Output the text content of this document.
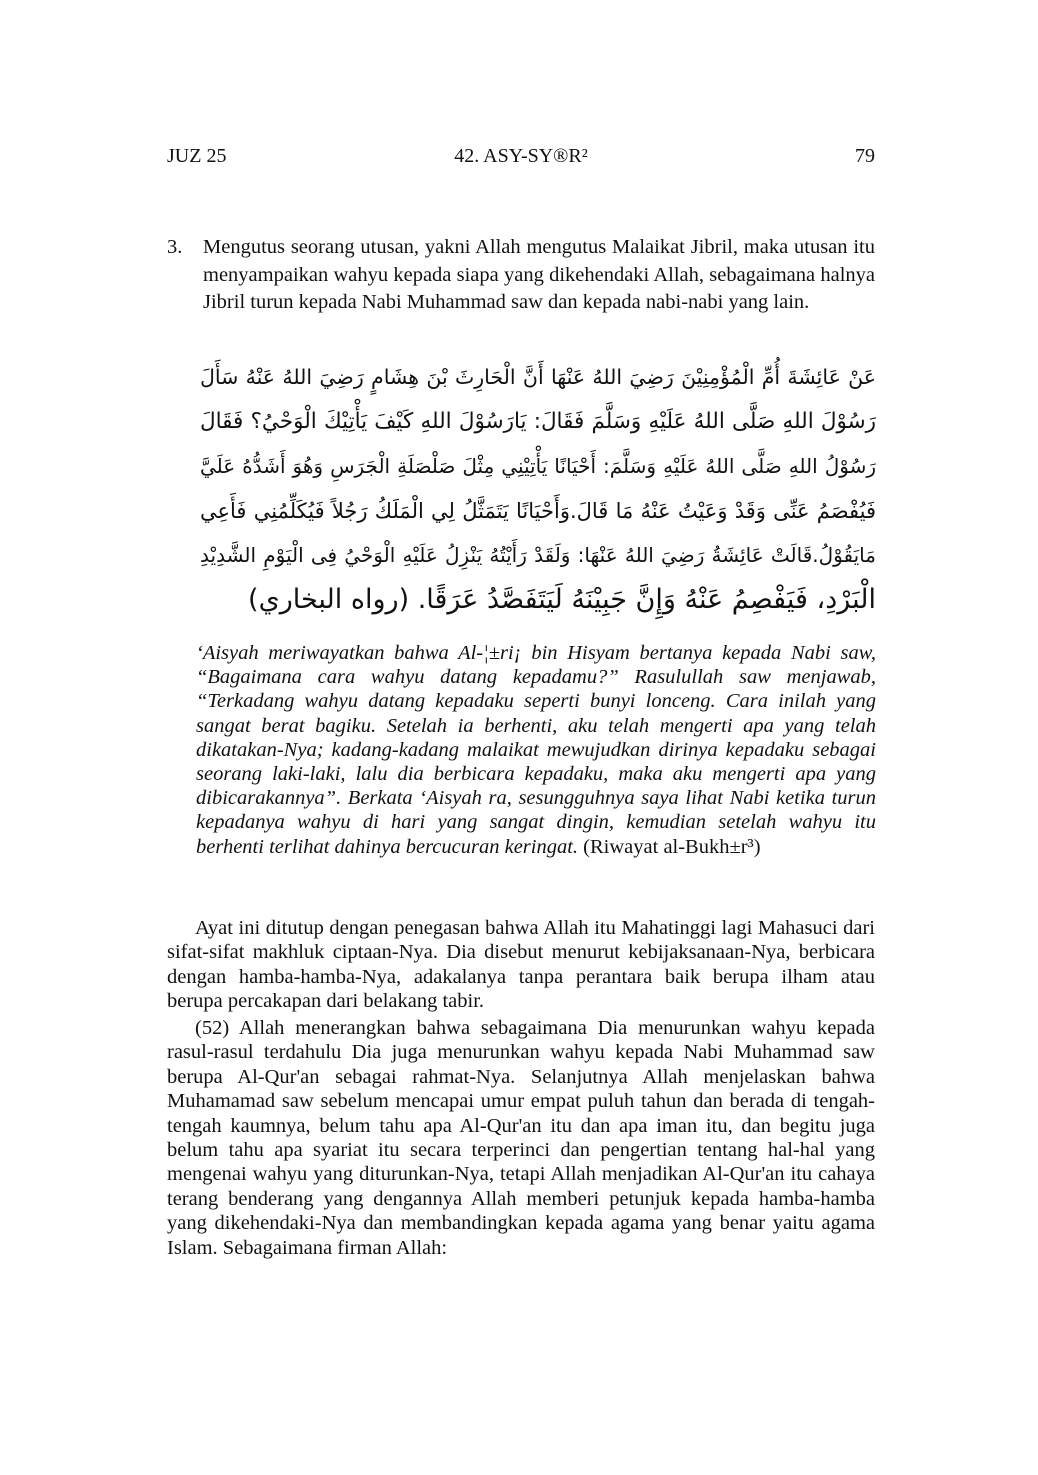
JUZ 25	42. ASY-SY®R²	79
3. Mengutus seorang utusan, yakni Allah mengutus Malaikat Jibril, maka utusan itu menyampaikan wahyu kepada siapa yang dikehendaki Allah, sebagaimana halnya Jibril turun kepada Nabi Muhammad saw dan kepada nabi-nabi yang lain.
عَنْ عَائِشَةَ أُمِّ الْمُؤْمِنِيْنَ رَضِيَ اللهُ عَنْهَا أَنَّ الْحَارِثَ بْنَ هِشَامٍ رَضِيَ اللهُ عَنْهُ سَأَلَ
رَسُوْلَ اللهِ صَلَّى اللهُ عَلَيْهِ وَسَلَّمَ فَقَالَ: يَارَسُوْلَ اللهِ كَيْفَ يَأْتِيْكَ الْوَحْيُ؟ فَقَالَ
رَسُوْلُ اللهِ صَلَّى اللهُ عَلَيْهِ وَسَلَّمَ: أَحْيَانًا يَأْتِيْنِي مِثْلَ صَلْصَلَةِ الْجَرَسِ وَهُوَ أَشَدُّهُ عَلَيَّ
فَيُفْصَمُ عَنِّى وَقَدْ وَعَيْتُ عَنْهُ مَا قَالَ.وَأَحْيَانًا يَتَمَثَّلُ لِي الْمَلَكُ رَجُلاً فَيُكَلِّمُنِي فَأَعِي
مَايَقُوْلُ.قَالَتْ عَائِشَةُ رَضِيَ اللهُ عَنْهَا: وَلَقَدْ رَأَيْتُهُ يَنْزِلُ عَلَيْهِ الْوَحْيُ فِى الْيَوْمِ الشَّدِيْدِ
الْبَرْدِ، فَيَفْصِمُ عَنْهُ وَإِنَّ جَبِيْنَهُ لَيَتَفَصَّدُ عَرَقًا. (رواه البخاري)
‘Aisyah meriwayatkan bahwa Al-¦±ri¡ bin Hisyam bertanya kepada Nabi saw, “Bagaimana cara wahyu datang kepadamu?” Rasulullah saw menjawab, “Terkadang wahyu datang kepadaku seperti bunyi lonceng. Cara inilah yang sangat berat bagiku. Setelah ia berhenti, aku telah mengerti apa yang telah dikatakan-Nya; kadang-kadang malaikat mewujudkan dirinya kepadaku sebagai seorang laki-laki, lalu dia berbicara kepadaku, maka aku mengerti apa yang dibicarakannya”. Berkata ‘Aisyah ra, sesungguhnya saya lihat Nabi ketika turun kepadanya wahyu di hari yang sangat dingin, kemudian setelah wahyu itu berhenti terlihat dahinya bercucuran keringat. (Riwayat al-Bukh±r³)

Ayat ini ditutup dengan penegasan bahwa Allah itu Mahatinggi lagi Mahasuci dari sifat-sifat makhluk ciptaan-Nya. Dia disebut menurut kebijaksanaan-Nya, berbicara dengan hamba-hamba-Nya, adakalanya tanpa perantara baik berupa ilham atau berupa percakapan dari belakang tabir.

(52) Allah menerangkan bahwa sebagaimana Dia menurunkan wahyu kepada rasul-rasul terdahulu Dia juga menurunkan wahyu kepada Nabi Muhammad saw berupa Al-Qur'an sebagai rahmat-Nya. Selanjutnya Allah menjelaskan bahwa Muhamamad saw sebelum mencapai umur empat puluh tahun dan berada di tengah-tengah kaumnya, belum tahu apa Al-Qur'an itu dan apa iman itu, dan begitu juga belum tahu apa syariat itu secara terperinci dan pengertian tentang hal-hal yang mengenai wahyu yang diturunkan-Nya, tetapi Allah menjadikan Al-Qur'an itu cahaya terang benderang yang dengannya Allah memberi petunjuk kepada hamba-hamba yang dikehendaki-Nya dan membandingkan kepada agama yang benar yaitu agama Islam. Sebagaimana firman Allah:
